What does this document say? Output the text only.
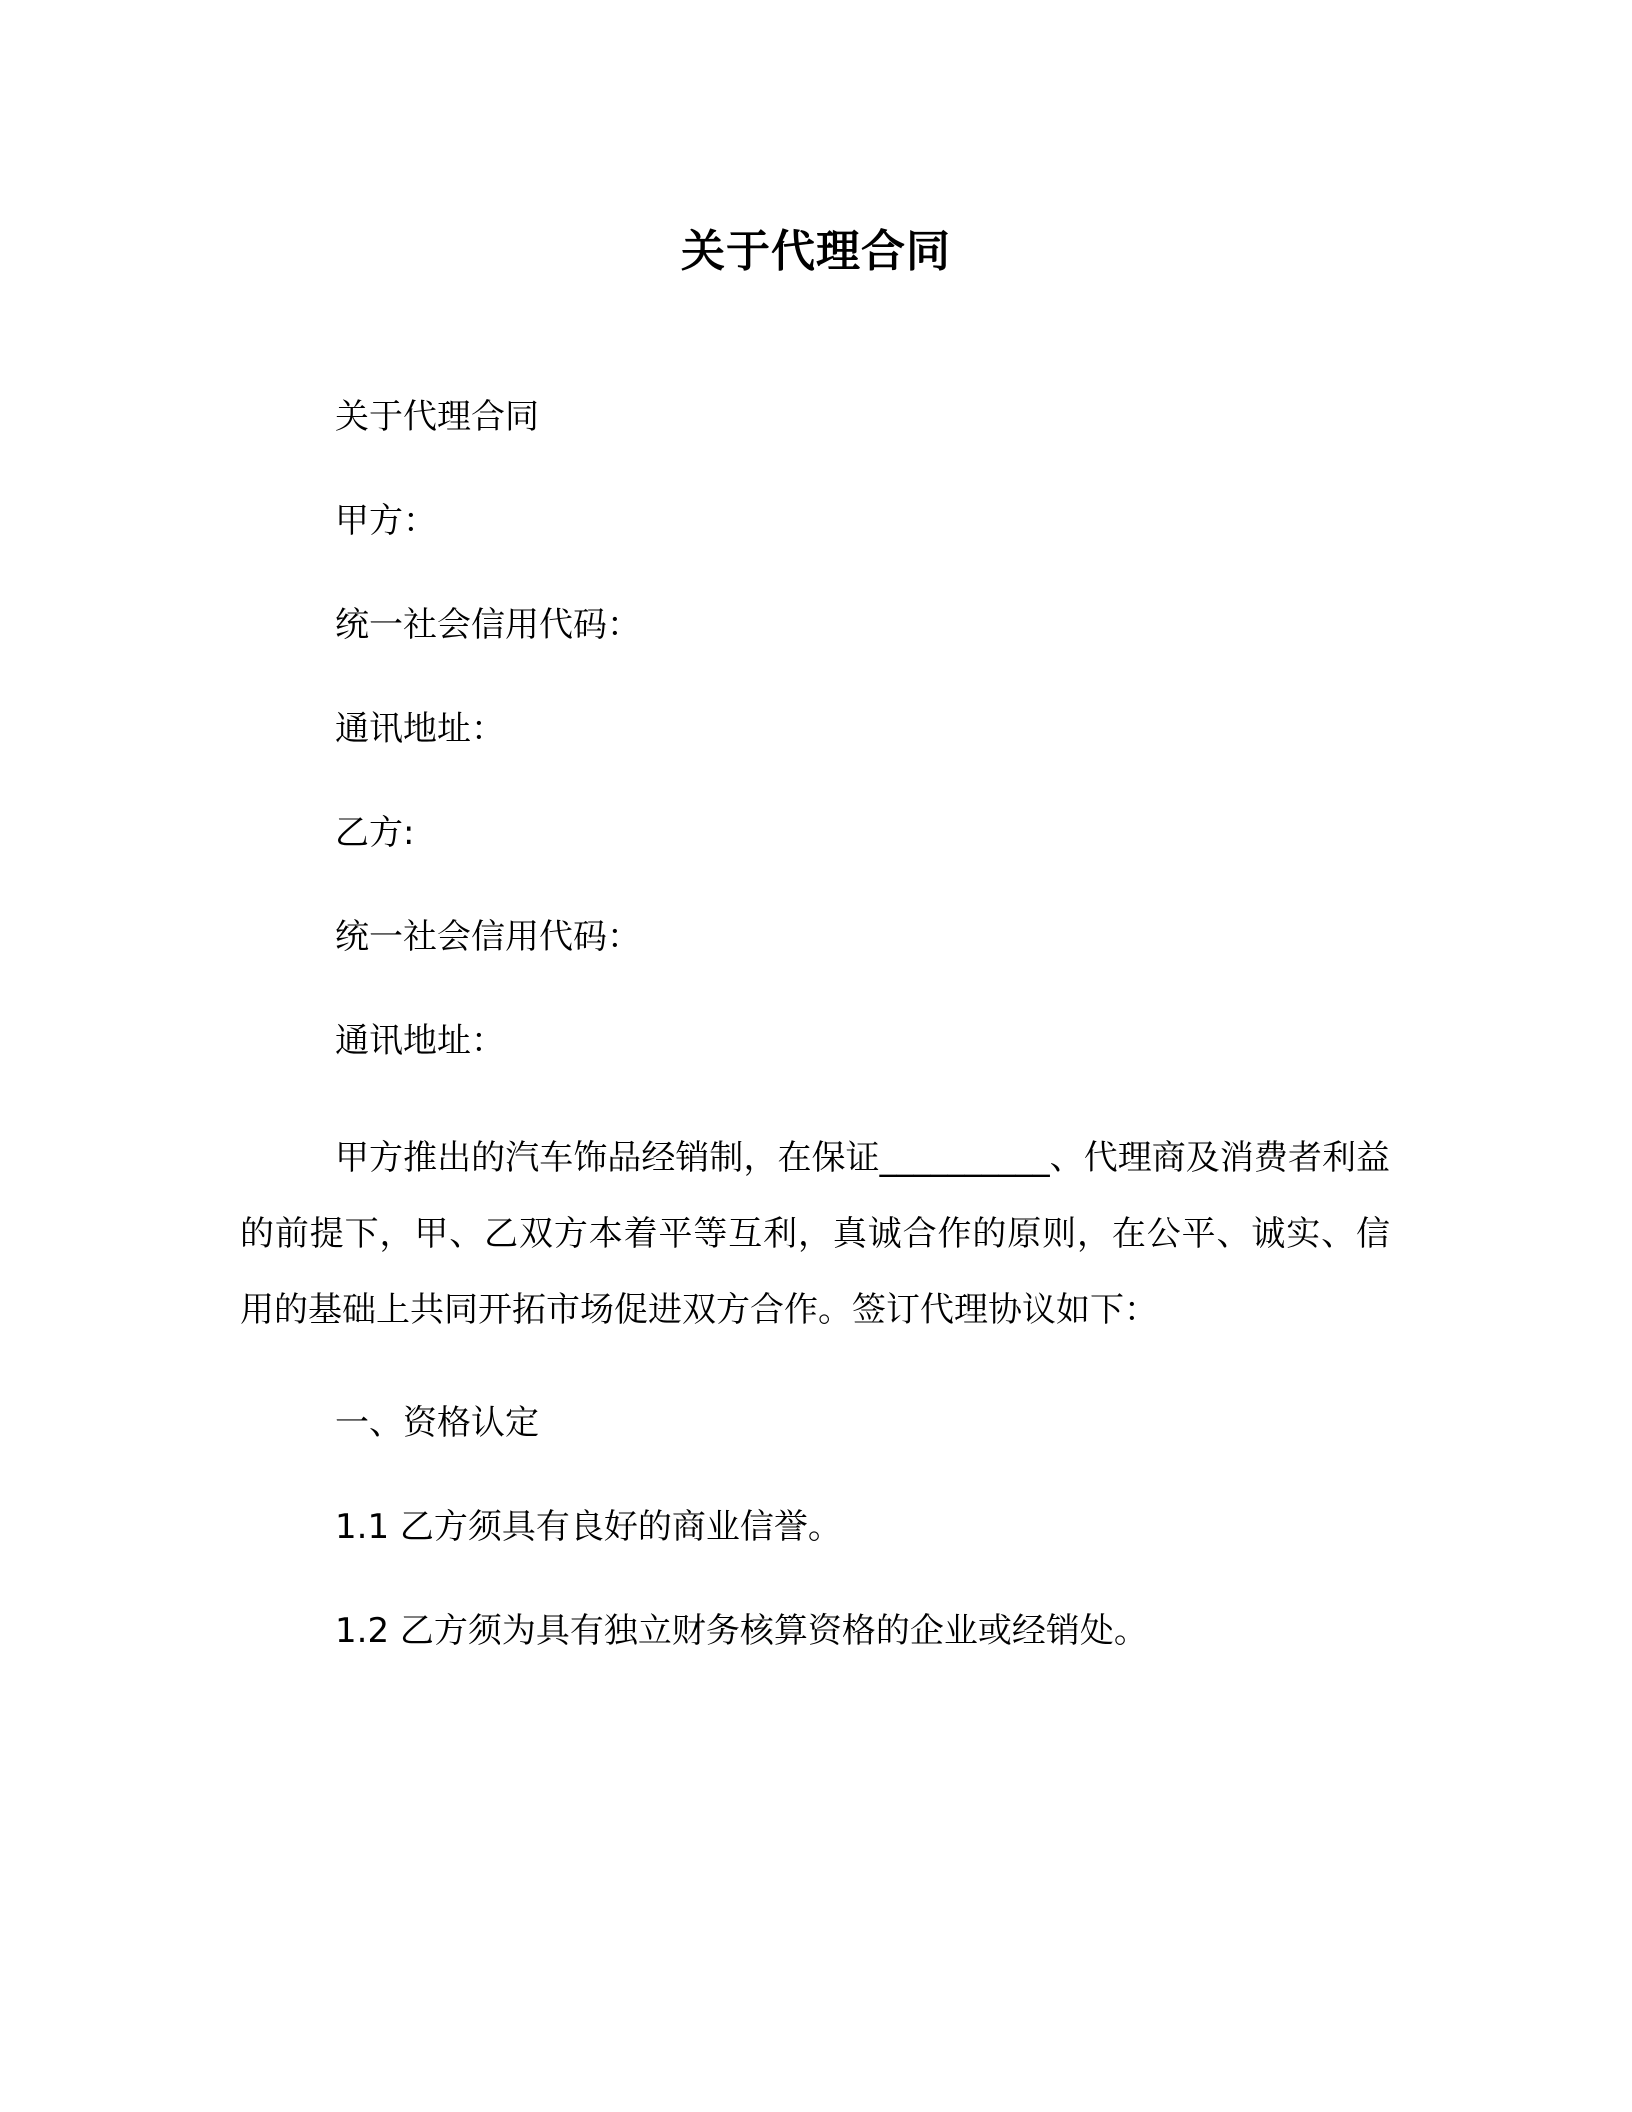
关于代理合同

关于代理合同

甲方：

统一社会信用代码：

通讯地址：

乙方:

统一社会信用代码：

通讯地址：

甲方推出的汽车饰品经销制，在保证__________、代理商及消费者利益的前提下，甲、乙双方本着平等互利，真诚合作的原则，在公平、诚实、信用的基础上共同开拓市场促进双方合作。签订代理协议如下：

一、资格认定

1.1 乙方须具有良好的商业信誉。

1.2 乙方须为具有独立财务核算资格的企业或经销处。
